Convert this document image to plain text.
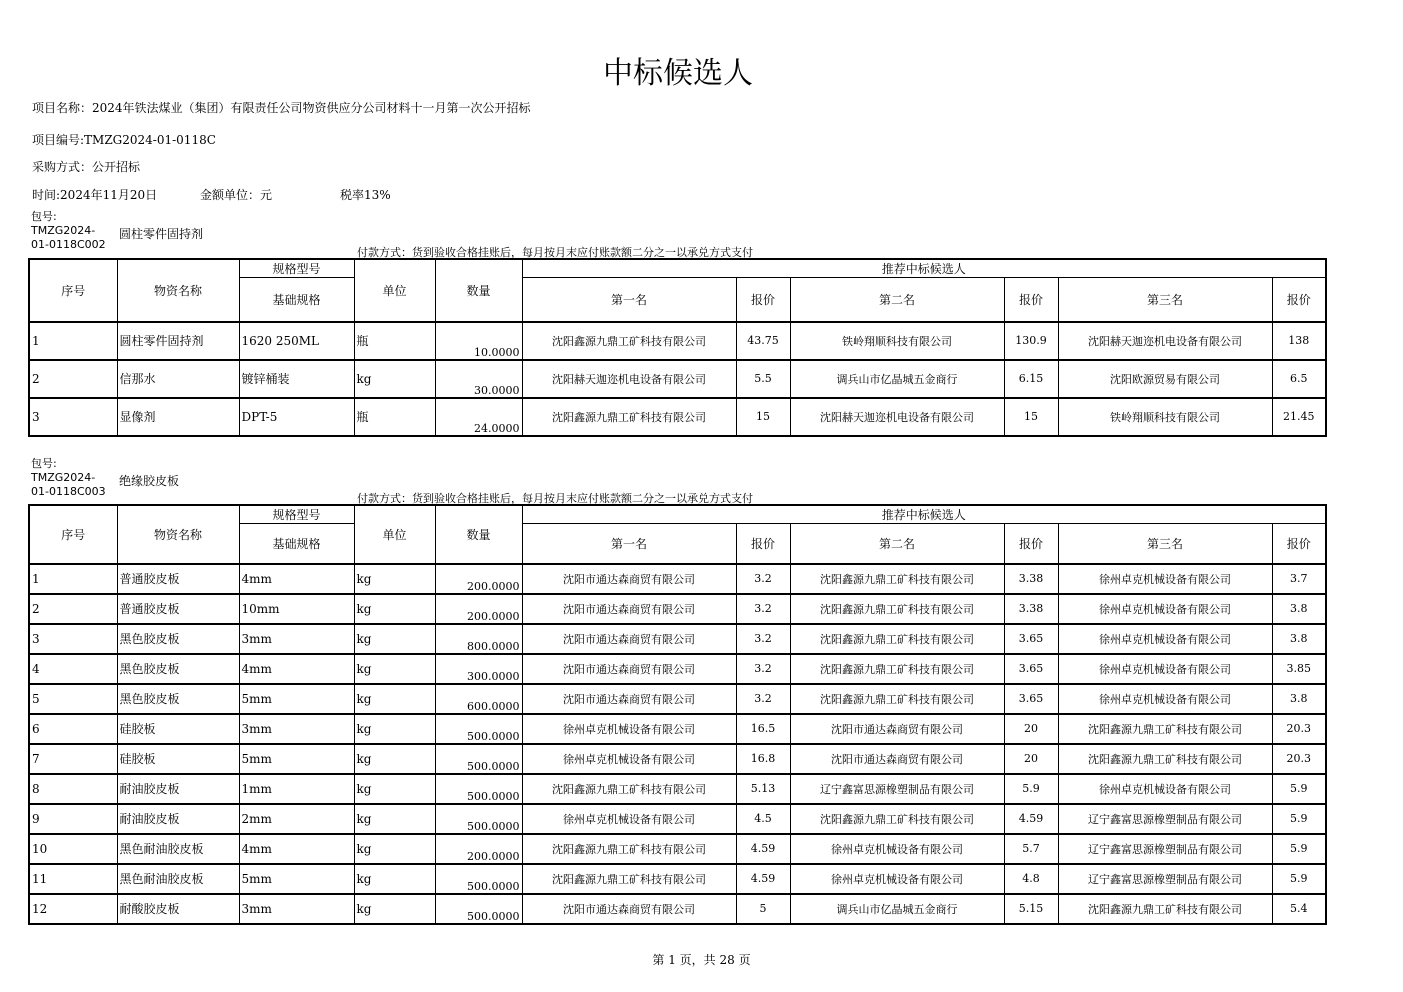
中标候选人
项目名称：2024年铁法煤业（集团）有限责任公司物资供应分公司材料十一月第一次公开招标
项目编号:TMZG2024-01-0118C
采购方式：公开招标
时间:2024年11月20日	金额单位：元	税率13%
包号:
TMZG2024-
01-0118C002
圆柱零件固持剂
付款方式：货到验收合格挂账后，每月按月末应付账款额二分之一以承兑方式支付
序号	物资名称	规格型号	单位	数量	推荐中标候选人					
		基础规格			第一名	报价	第二名	报价	第三名	报价
1	圆柱零件固持剂	1620 250ML	瓶	10.0000	沈阳鑫源九鼎工矿科技有限公司	43.75	铁岭翔顺科技有限公司	130.9	沈阳赫天迦迩机电设备有限公司	138
2	信那水	镀锌桶装	kg	30.0000	沈阳赫天迦迩机电设备有限公司	5.5	调兵山市亿晶城五金商行	6.15	沈阳欧源贸易有限公司	6.5
3	显像剂	DPT-5	瓶	24.0000	沈阳鑫源九鼎工矿科技有限公司	15	沈阳赫天迦迩机电设备有限公司	15	铁岭翔顺科技有限公司	21.45
包号:
TMZG2024-
01-0118C003
绝缘胶皮板
付款方式：货到验收合格挂账后，每月按月末应付账款额二分之一以承兑方式支付
序号	物资名称	规格型号	单位	数量	推荐中标候选人					
		基础规格			第一名	报价	第二名	报价	第三名	报价
1	普通胶皮板	4mm	kg	200.0000	沈阳市通达森商贸有限公司	3.2	沈阳鑫源九鼎工矿科技有限公司	3.38	徐州卓克机械设备有限公司	3.7
2	普通胶皮板	10mm	kg	200.0000	沈阳市通达森商贸有限公司	3.2	沈阳鑫源九鼎工矿科技有限公司	3.38	徐州卓克机械设备有限公司	3.8
3	黑色胶皮板	3mm	kg	800.0000	沈阳市通达森商贸有限公司	3.2	沈阳鑫源九鼎工矿科技有限公司	3.65	徐州卓克机械设备有限公司	3.8
4	黑色胶皮板	4mm	kg	300.0000	沈阳市通达森商贸有限公司	3.2	沈阳鑫源九鼎工矿科技有限公司	3.65	徐州卓克机械设备有限公司	3.85
5	黑色胶皮板	5mm	kg	600.0000	沈阳市通达森商贸有限公司	3.2	沈阳鑫源九鼎工矿科技有限公司	3.65	徐州卓克机械设备有限公司	3.8
6	硅胶板	3mm	kg	500.0000	徐州卓克机械设备有限公司	16.5	沈阳市通达森商贸有限公司	20	沈阳鑫源九鼎工矿科技有限公司	20.3
7	硅胶板	5mm	kg	500.0000	徐州卓克机械设备有限公司	16.8	沈阳市通达森商贸有限公司	20	沈阳鑫源九鼎工矿科技有限公司	20.3
8	耐油胶皮板	1mm	kg	500.0000	沈阳鑫源九鼎工矿科技有限公司	5.13	辽宁鑫富思源橡塑制品有限公司	5.9	徐州卓克机械设备有限公司	5.9
9	耐油胶皮板	2mm	kg	500.0000	徐州卓克机械设备有限公司	4.5	沈阳鑫源九鼎工矿科技有限公司	4.59	辽宁鑫富思源橡塑制品有限公司	5.9
10	黑色耐油胶皮板	4mm	kg	200.0000	沈阳鑫源九鼎工矿科技有限公司	4.59	徐州卓克机械设备有限公司	5.7	辽宁鑫富思源橡塑制品有限公司	5.9
11	黑色耐油胶皮板	5mm	kg	500.0000	沈阳鑫源九鼎工矿科技有限公司	4.59	徐州卓克机械设备有限公司	4.8	辽宁鑫富思源橡塑制品有限公司	5.9
12	耐酸胶皮板	3mm	kg	500.0000	沈阳市通达森商贸有限公司	5	调兵山市亿晶城五金商行	5.15	沈阳鑫源九鼎工矿科技有限公司	5.4
第 1 页，共 28 页
